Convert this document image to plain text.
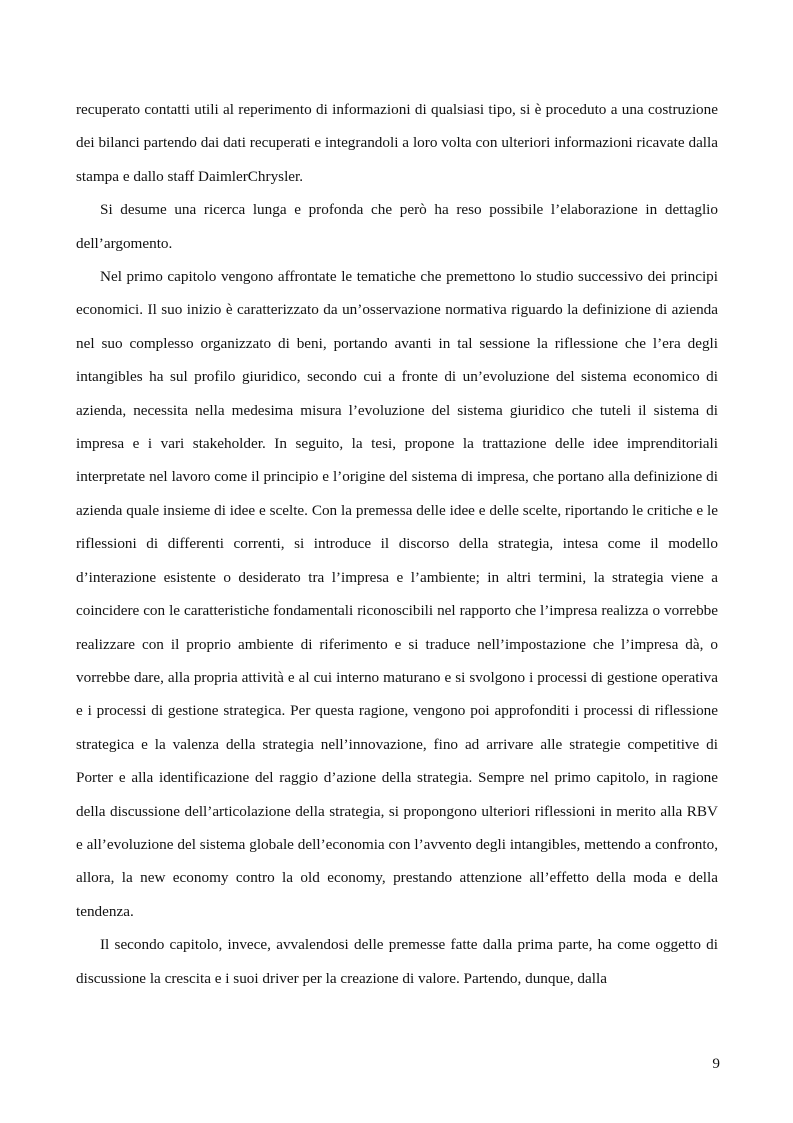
recuperato contatti utili al reperimento di informazioni di qualsiasi tipo, si è proceduto a una costruzione dei bilanci partendo dai dati recuperati e integrandoli a loro volta con ulteriori informazioni ricavate dalla stampa e dallo staff DaimlerChrysler.

Si desume una ricerca lunga e profonda che però ha reso possibile l’elaborazione in dettaglio dell’argomento.

Nel primo capitolo vengono affrontate le tematiche che premettono lo studio successivo dei principi economici. Il suo inizio è caratterizzato da un’osservazione normativa riguardo la definizione di azienda nel suo complesso organizzato di beni, portando avanti in tal sessione la riflessione che l’era degli intangibles ha sul profilo giuridico, secondo cui a fronte di un’evoluzione del sistema economico di azienda, necessita nella medesima misura l’evoluzione del sistema giuridico che tuteli il sistema di impresa e i vari stakeholder. In seguito, la tesi, propone la trattazione delle idee imprenditoriali interpretate nel lavoro come il principio e l’origine del sistema di impresa, che portano alla definizione di azienda quale insieme di idee e scelte. Con la premessa delle idee e delle scelte, riportando le critiche e le riflessioni di differenti correnti, si introduce il discorso della strategia, intesa come il modello d’interazione esistente o desiderato tra l’impresa e l’ambiente; in altri termini, la strategia viene a coincidere con le caratteristiche fondamentali riconoscibili nel rapporto che l’impresa realizza o vorrebbe realizzare con il proprio ambiente di riferimento e si traduce nell’impostazione che l’impresa dà, o vorrebbe dare, alla propria attività e al cui interno maturano e si svolgono i processi di gestione operativa e i processi di gestione strategica. Per questa ragione, vengono poi approfonditi i processi di riflessione strategica e la valenza della strategia nell’innovazione, fino ad arrivare alle strategie competitive di Porter e alla identificazione del raggio d’azione della strategia. Sempre nel primo capitolo, in ragione della discussione dell’articolazione della strategia, si propongono ulteriori riflessioni in merito alla RBV e all’evoluzione del sistema globale dell’economia con l’avvento degli intangibles, mettendo a confronto, allora, la new economy contro la old economy, prestando attenzione all’effetto della moda e della tendenza.

Il secondo capitolo, invece, avvalendosi delle premesse fatte dalla prima parte, ha come oggetto di discussione la crescita e i suoi driver per la creazione di valore. Partendo, dunque, dalla

9
